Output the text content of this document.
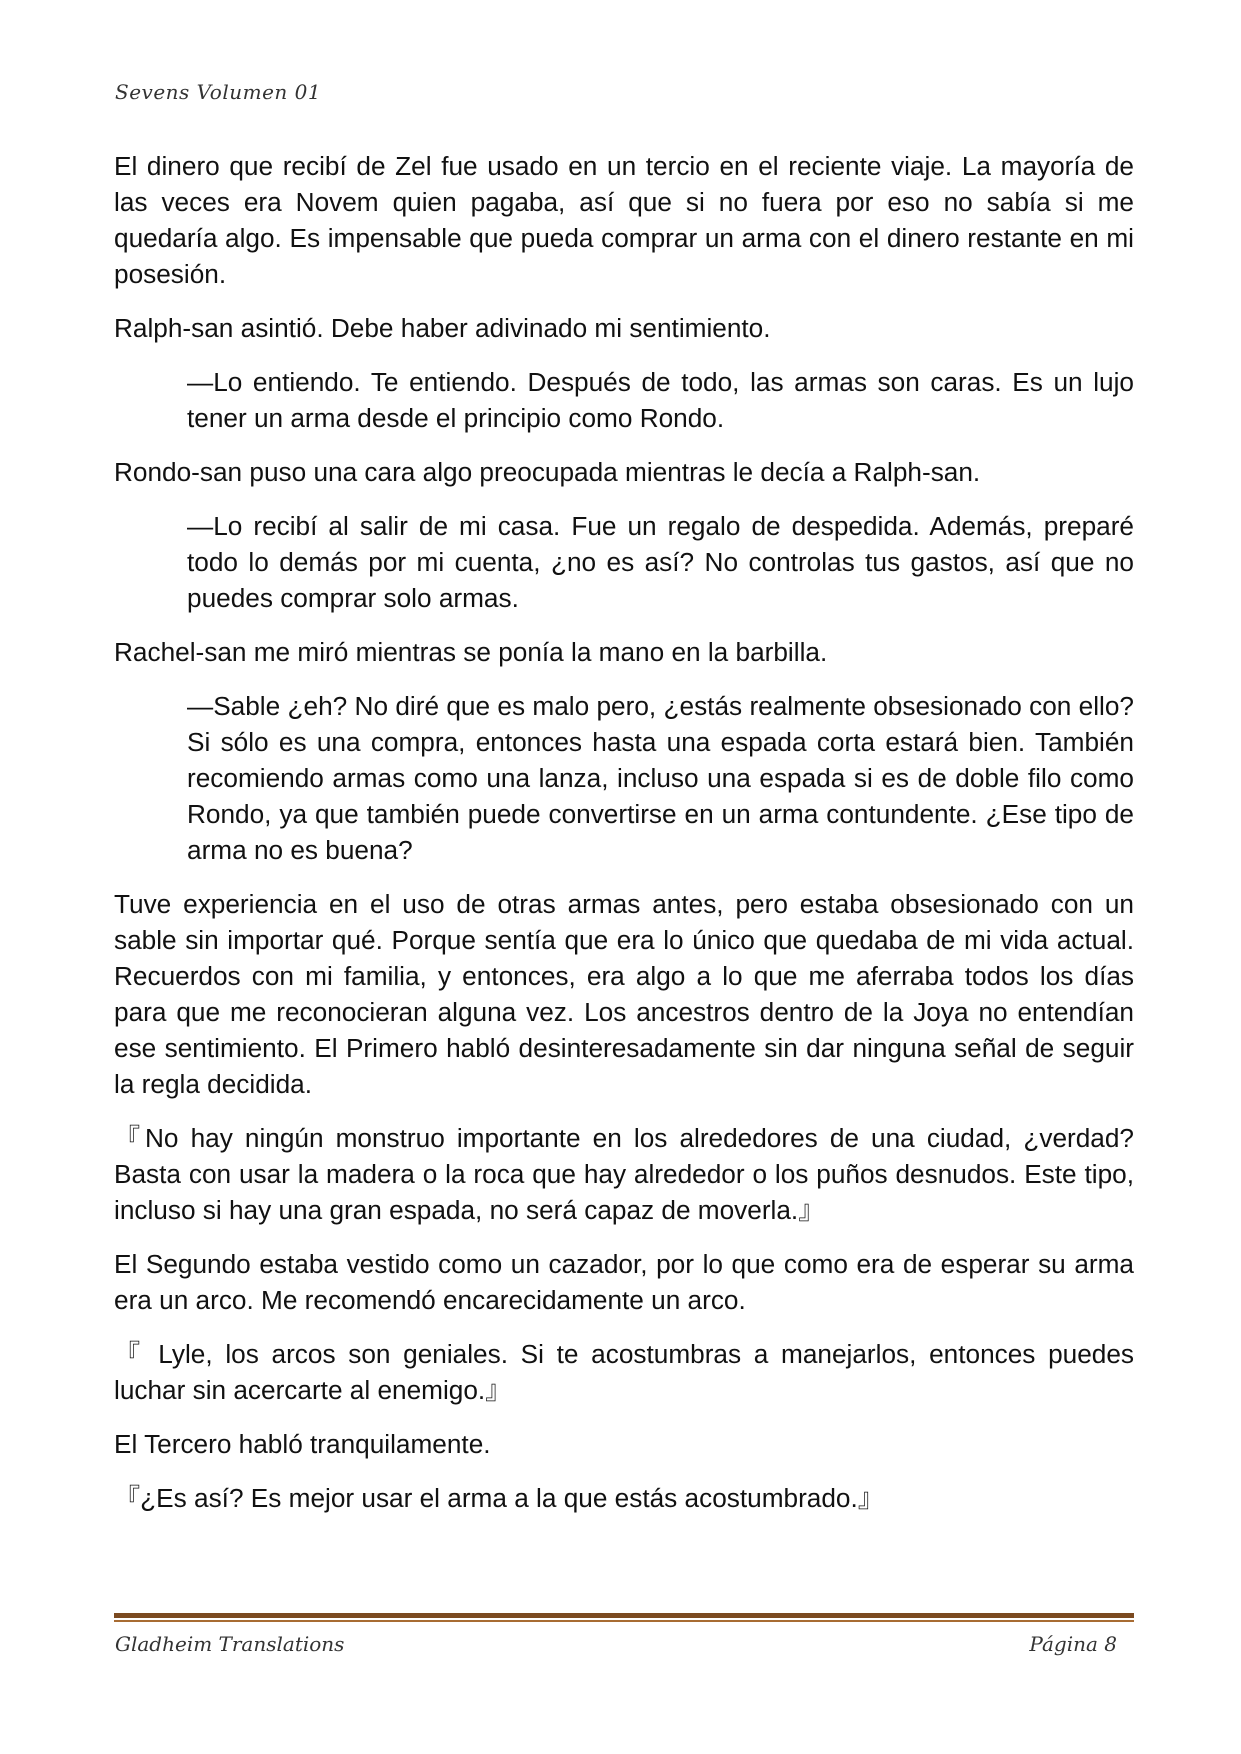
Sevens Volumen 01

El dinero que recibí de Zel fue usado en un tercio en el reciente viaje. La mayoría de las veces era Novem quien pagaba, así que si no fuera por eso no sabía si me quedaría algo. Es impensable que pueda comprar un arma con el dinero restante en mi posesión.

Ralph-san asintió. Debe haber adivinado mi sentimiento.

—Lo entiendo. Te entiendo. Después de todo, las armas son caras. Es un lujo tener un arma desde el principio como Rondo.

Rondo-san puso una cara algo preocupada mientras le decía a Ralph-san.

—Lo recibí al salir de mi casa. Fue un regalo de despedida. Además, preparé todo lo demás por mi cuenta, ¿no es así? No controlas tus gastos, así que no puedes comprar solo armas.

Rachel-san me miró mientras se ponía la mano en la barbilla.

—Sable ¿eh? No diré que es malo pero, ¿estás realmente obsesionado con ello? Si sólo es una compra, entonces hasta una espada corta estará bien. También recomiendo armas como una lanza, incluso una espada si es de doble filo como Rondo, ya que también puede convertirse en un arma contundente. ¿Ese tipo de arma no es buena?

Tuve experiencia en el uso de otras armas antes, pero estaba obsesionado con un sable sin importar qué. Porque sentía que era lo único que quedaba de mi vida actual. Recuerdos con mi familia, y entonces, era algo a lo que me aferraba todos los días para que me reconocieran alguna vez. Los ancestros dentro de la Joya no entendían ese sentimiento. El Primero habló desinteresadamente sin dar ninguna señal de seguir la regla decidida.

『No hay ningún monstruo importante en los alrededores de una ciudad, ¿verdad? Basta con usar la madera o la roca que hay alrededor o los puños desnudos. Este tipo, incluso si hay una gran espada, no será capaz de moverla.』

El Segundo estaba vestido como un cazador, por lo que como era de esperar su arma era un arco. Me recomendó encarecidamente un arco.

『 Lyle, los arcos son geniales. Si te acostumbras a manejarlos, entonces puedes luchar sin acercarte al enemigo.』

El Tercero habló tranquilamente.

『¿Es así? Es mejor usar el arma a la que estás acostumbrado.』

Gladheim Translations	Página 8
